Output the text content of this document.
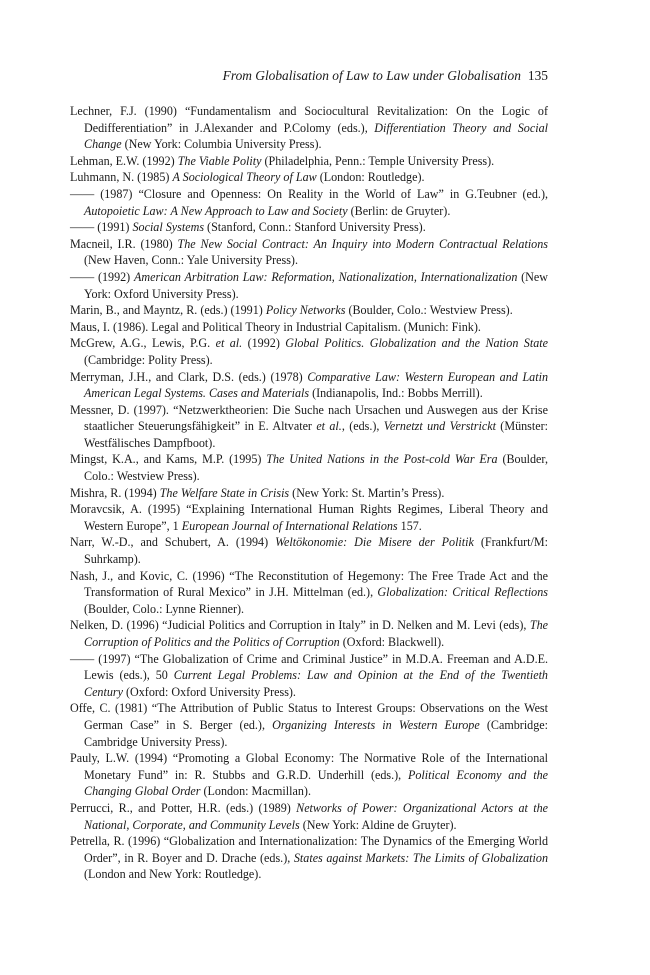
From Globalisation of Law to Law under Globalisation 135

Lechner, F.J. (1990) “Fundamentalism and Sociocultural Revitalization: On the Logic of Dedifferentiation” in J.Alexander and P.Colomy (eds.), Differentiation Theory and Social Change (New York: Columbia University Press).

Lehman, E.W. (1992) The Viable Polity (Philadelphia, Penn.: Temple University Press).

Luhmann, N. (1985) A Sociological Theory of Law (London: Routledge).

—— (1987) “Closure and Openness: On Reality in the World of Law” in G.Teubner (ed.), Autopoietic Law: A New Approach to Law and Society (Berlin: de Gruyter).

—— (1991) Social Systems (Stanford, Conn.: Stanford University Press).

Macneil, I.R. (1980) The New Social Contract: An Inquiry into Modern Contractual Relations (New Haven, Conn.: Yale University Press).

—— (1992) American Arbitration Law: Reformation, Nationalization, Internationalization (New York: Oxford University Press).

Marin, B., and Mayntz, R. (eds.) (1991) Policy Networks (Boulder, Colo.: Westview Press).

Maus, I. (1986). Legal and Political Theory in Industrial Capitalism. (Munich: Fink).

McGrew, A.G., Lewis, P.G. et al. (1992) Global Politics. Globalization and the Nation State (Cambridge: Polity Press).

Merryman, J.H., and Clark, D.S. (eds.) (1978) Comparative Law: Western European and Latin American Legal Systems. Cases and Materials (Indianapolis, Ind.: Bobbs Merrill).

Messner, D. (1997). “Netzwerktheorien: Die Suche nach Ursachen und Auswegen aus der Krise staatlicher Steuerungsfähigkeit” in E. Altvater et al., (eds.), Vernetzt und Verstrickt (Münster: Westfälisches Dampfboot).

Mingst, K.A., and Kams, M.P. (1995) The United Nations in the Post-cold War Era (Boulder, Colo.: Westview Press).

Mishra, R. (1994) The Welfare State in Crisis (New York: St. Martin’s Press).

Moravcsik, A. (1995) “Explaining International Human Rights Regimes, Liberal Theory and Western Europe”, 1 European Journal of International Relations 157.

Narr, W.-D., and Schubert, A. (1994) Weltökonomie: Die Misere der Politik (Frankfurt/M: Suhrkamp).

Nash, J., and Kovic, C. (1996) “The Reconstitution of Hegemony: The Free Trade Act and the Transformation of Rural Mexico” in J.H. Mittelman (ed.), Globalization: Critical Reflections (Boulder, Colo.: Lynne Rienner).

Nelken, D. (1996) “Judicial Politics and Corruption in Italy” in D. Nelken and M. Levi (eds), The Corruption of Politics and the Politics of Corruption (Oxford: Blackwell).

—— (1997) “The Globalization of Crime and Criminal Justice” in M.D.A. Freeman and A.D.E. Lewis (eds.), 50 Current Legal Problems: Law and Opinion at the End of the Twentieth Century (Oxford: Oxford University Press).

Offe, C. (1981) “The Attribution of Public Status to Interest Groups: Observations on the West German Case” in S. Berger (ed.), Organizing Interests in Western Europe (Cambridge: Cambridge University Press).

Pauly, L.W. (1994) “Promoting a Global Economy: The Normative Role of the International Monetary Fund” in: R. Stubbs and G.R.D. Underhill (eds.), Political Economy and the Changing Global Order (London: Macmillan).

Perrucci, R., and Potter, H.R. (eds.) (1989) Networks of Power: Organizational Actors at the National, Corporate, and Community Levels (New York: Aldine de Gruyter).

Petrella, R. (1996) “Globalization and Internationalization: The Dynamics of the Emerging World Order”, in R. Boyer and D. Drache (eds.), States against Markets: The Limits of Globalization (London and New York: Routledge).
